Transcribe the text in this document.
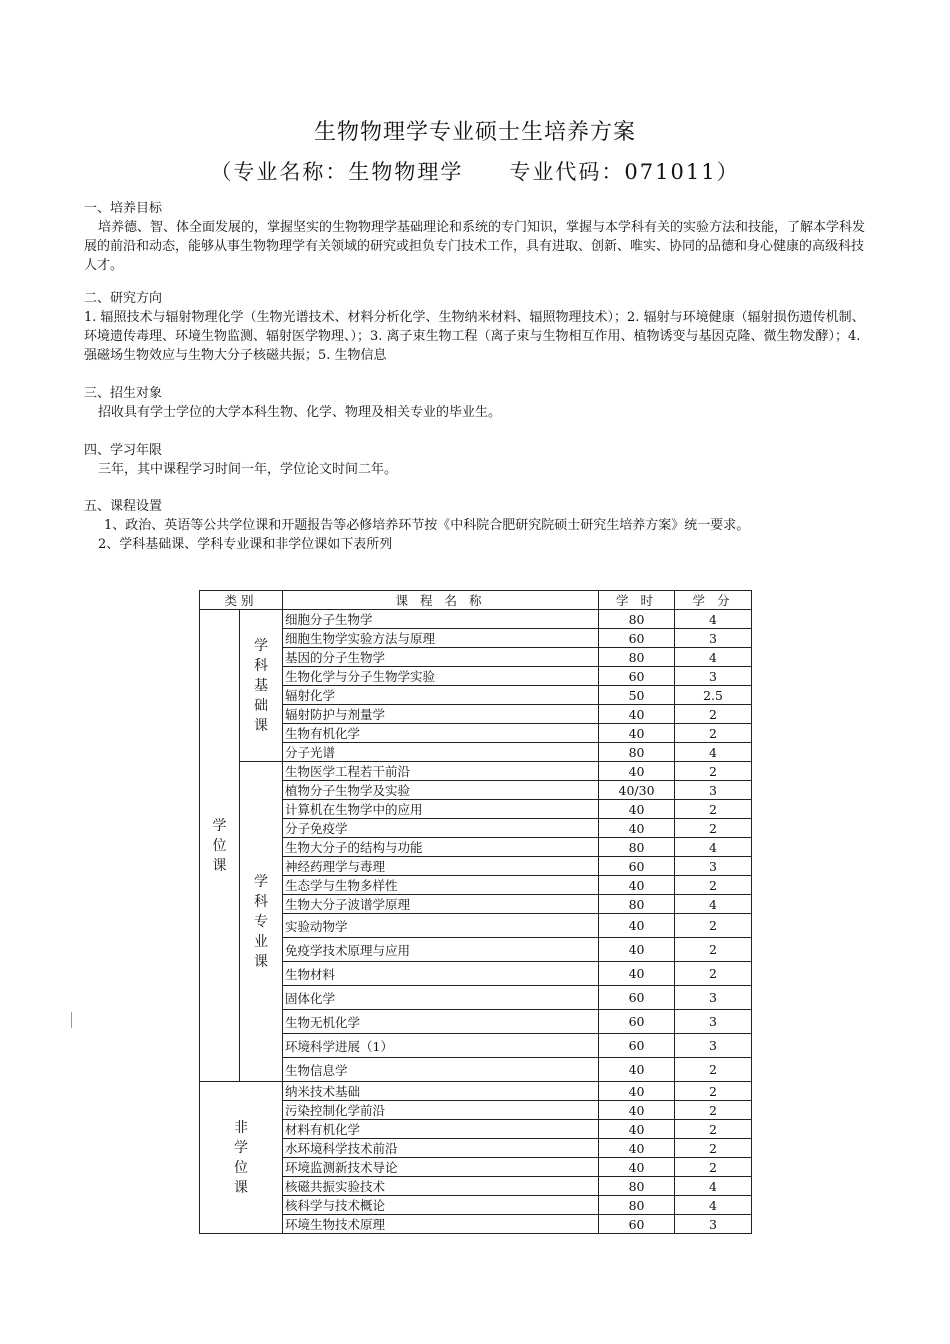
生物物理学专业硕士生培养方案
（专业名称：生物物理学　　专业代码：071011）

一、培养目标

培养德、智、体全面发展的，掌握坚实的生物物理学基础理论和系统的专门知识，掌握与本学科有关的实验方法和技能，了解本学科发展的前沿和动态，能够从事生物物理学有关领域的研究或担负专门技术工作，具有进取、创新、唯实、协同的品德和身心健康的高级科技人才。

二、研究方向

1. 辐照技术与辐射物理化学（生物光谱技术、材料分析化学、生物纳米材料、辐照物理技术）；2. 辐射与环境健康（辐射损伤遗传机制、环境遗传毒理、环境生物监测、辐射医学物理、）；3. 离子束生物工程（离子束与生物相互作用、植物诱变与基因克隆、微生物发酵）；4. 强磁场生物效应与生物大分子核磁共振；5. 生物信息

三、招生对象

招收具有学士学位的大学本科生物、化学、物理及相关专业的毕业生。

四、学习年限

三年，其中课程学习时间一年，学位论文时间二年。

五、课程设置

1、政治、英语等公共学位课和开题报告等必修培养环节按《中科院合肥研究院硕士研究生培养方案》统一要求。

2、学科基础课、学科专业课和非学位课如下表所列

类别		课 程 名 称	学 时	学 分

学
位
课	学
科
基
础
课	细胞分子生物学	80	4
		细胞生物学实验方法与原理	60	3
		基因的分子生物学	80	4
		生物化学与分子生物学实验	60	3
		辐射化学	50	2.5
		辐射防护与剂量学	40	2
		生物有机化学	40	2
		分子光谱	80	4

	学
科
专
业
课	生物医学工程若干前沿	40	2
		植物分子生物学及实验	40/30	3
		计算机在生物学中的应用	40	2
		分子免疫学	40	2
		生物大分子的结构与功能	80	4
		神经药理学与毒理	60	3
		生态学与生物多样性	40	2
		生物大分子波谱学原理	80	4
		实验动物学	40	2
		免疫学技术原理与应用	40	2
		生物材料	40	2
		固体化学	60	3
		生物无机化学	60	3
		环境科学进展（1）	60	3
		生物信息学	40	2

非
学
位
课		纳米技术基础	40	2
		污染控制化学前沿	40	2
		材料有机化学	40	2
		水环境科学技术前沿	40	2
		环境监测新技术导论	40	2
		核磁共振实验技术	80	4
		核科学与技术概论	80	4
		环境生物技术原理	60	3
